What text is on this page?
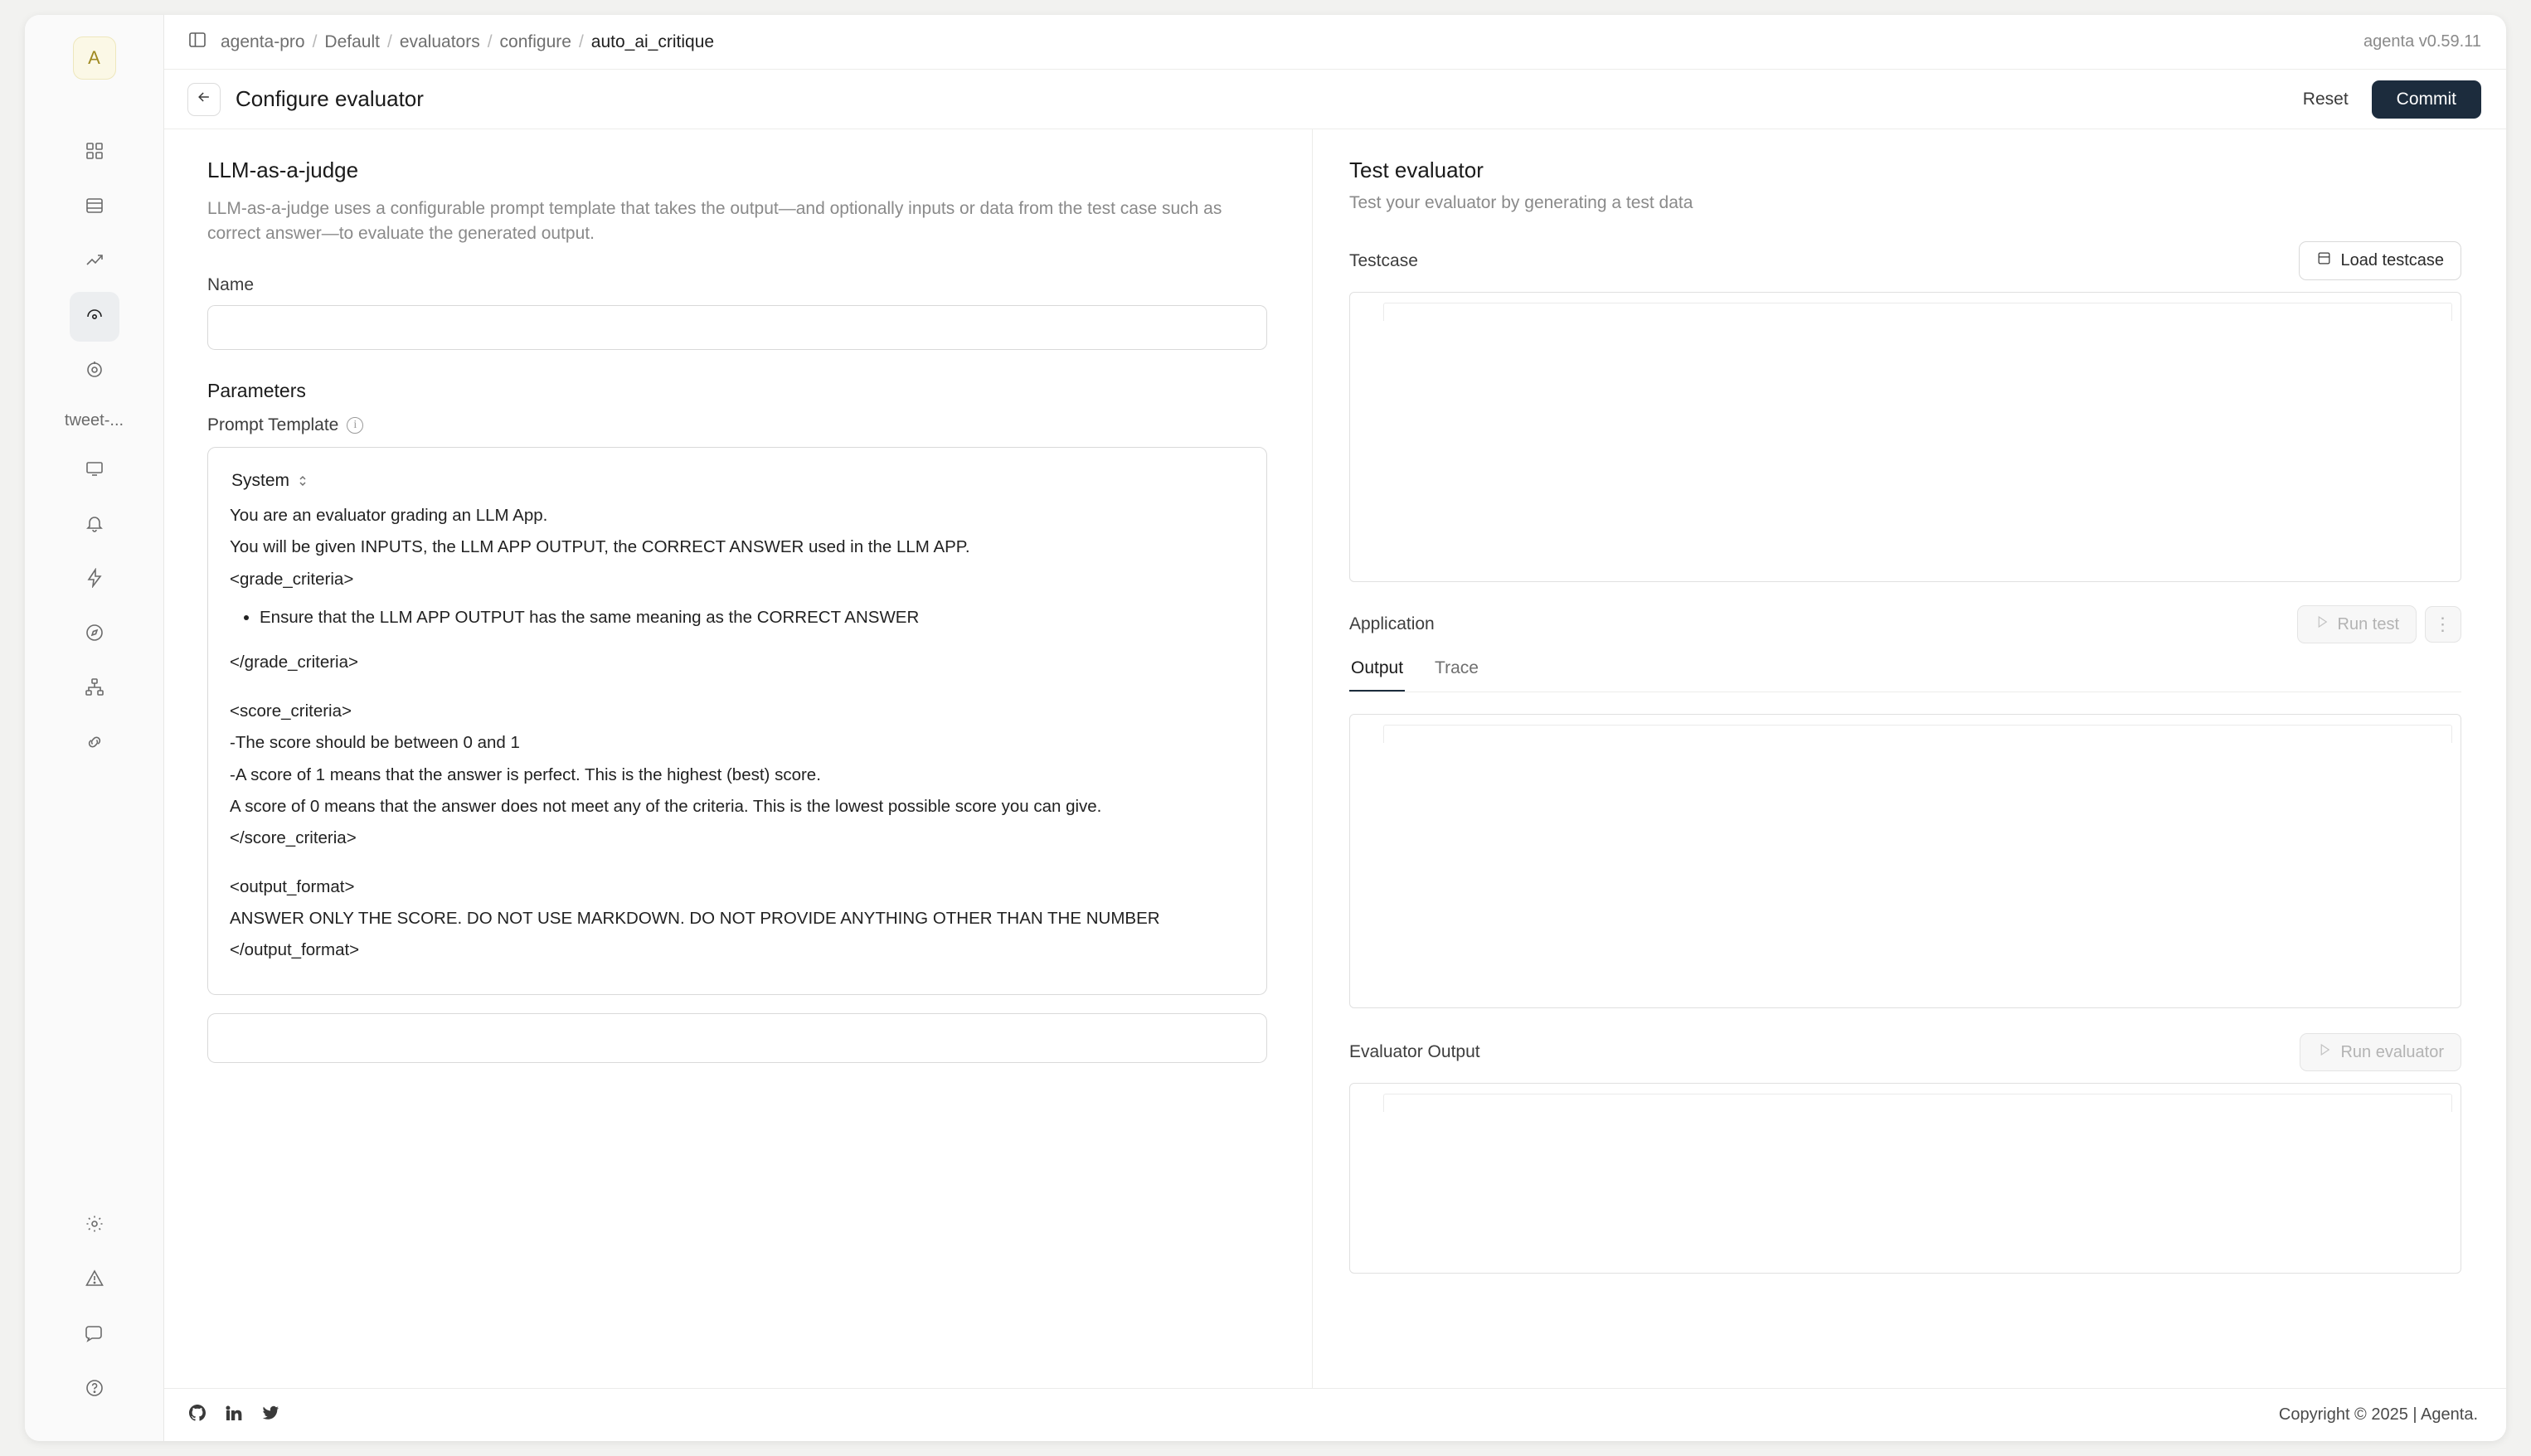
A
tweet-...
agenta-pro / Default / evaluators / configure / auto_ai_critique	agenta v0.59.11
Configure evaluator	Reset	Commit
LLM-as-a-judge

LLM-as-a-judge uses a configurable prompt template that takes the output—and optionally inputs or data from the test case such as correct answer—to evaluate the generated output.

Name
Parameters
Prompt Template	i
System

You are an evaluator grading an LLM App.

You will be given INPUTS, the LLM APP OUTPUT, the CORRECT ANSWER used in the LLM APP.

<grade_criteria>

• Ensure that the LLM APP OUTPUT has the same meaning as the CORRECT ANSWER

</grade_criteria>

<score_criteria>

-The score should be between 0 and 1

-A score of 1 means that the answer is perfect. This is the highest (best) score.

A score of 0 means that the answer does not meet any of the criteria. This is the lowest possible score you can give.

</score_criteria>

<output_format>

ANSWER ONLY THE SCORE. DO NOT USE MARKDOWN. DO NOT PROVIDE ANYTHING OTHER THAN THE NUMBER

</output_format>

Test evaluator

Test your evaluator by generating a test data

Testcase	Load testcase
Application	Run test	⋮
Output Trace
Evaluator Output	Run evaluator
Copyright © 2025 | Agenta.
